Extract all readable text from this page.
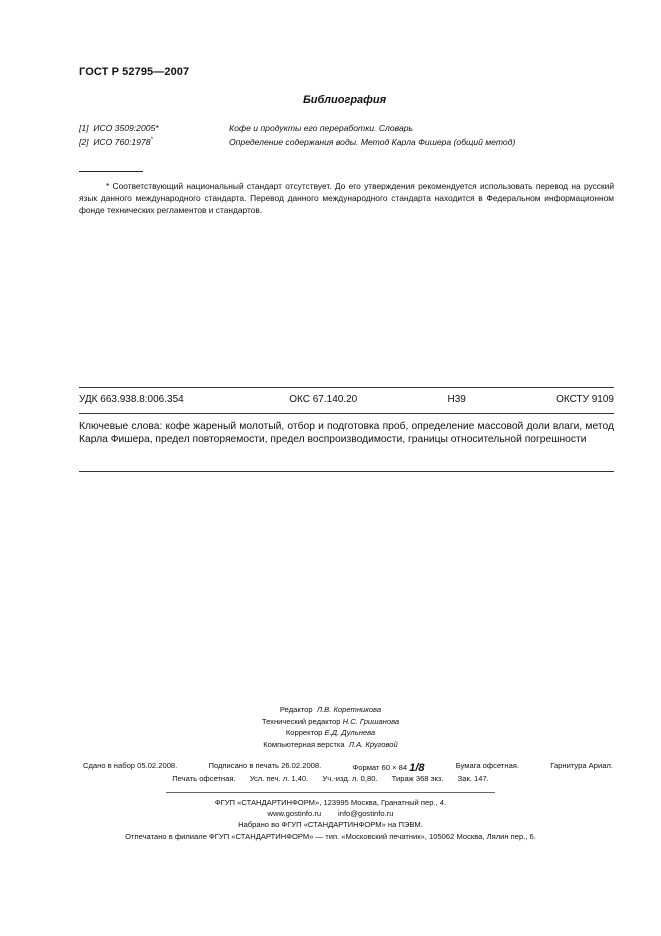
ГОСТ Р 52795—2007
Библиография
[1] ИСО 3509:2005*	Кофе и продукты его переработки. Словарь
[2] ИСО 760:1978*	Определение содержания воды. Метод Карла Фишера (общий метод)
* Соответствующий национальный стандарт отсутствует. До его утверждения рекомендуется использовать перевод на русский язык данного международного стандарта. Перевод данного международного стандарта находится в Федеральном информационном фонде технических регламентов и стандартов.
УДК 663.938.8:006.354	ОКС 67.140.20	Н39	ОКСТУ 9109
Ключевые слова: кофе жареный молотый, отбор и подготовка проб, определение массовой доли влаги, метод Карла Фишера, предел повторяемости, предел воспроизводимости, границы относительной погрешности
Редактор Л.В. Коретникова
Технический редактор Н.С. Гришанова
Корректор Е.Д. Дульнева
Компьютерная верстка Л.А. Круговой
Сдано в набор 05.02.2008.	Подписано в печать 26.02.2008.	Формат 60 × 84 1/8	Бумага офсетная.	Гарнитура Ариал.
Печать офсетная. Усл. печ. л. 1,40. Уч.-изд. л. 0,80. Тираж 368 экз. Зак. 147.
ФГУП «СТАНДАРТИНФОРМ», 123995 Москва, Гранатный пер., 4.
www.gostinfo.ru info@gostinfo.ru
Набрано во ФГУП «СТАНДАРТИНФОРМ» на ПЭВМ.
Отпечатано в филиале ФГУП «СТАНДАРТИНФОРМ» — тип. «Московский печатник», 105062 Москва, Лялин пер., 6.
